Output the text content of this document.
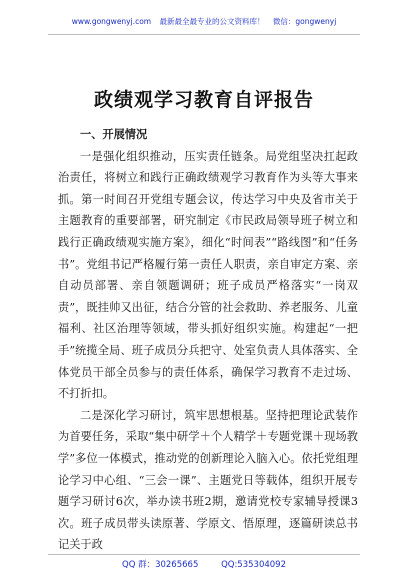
www.gongwenyj.com 最新最全最专业的公文资料库！ 微信：gongwenyj
政绩观学习教育自评报告
一、开展情况

一是强化组织推动，压实责任链条。局党组坚决扛起政治责任，将树立和践行正确政绩观学习教育作为头等大事来抓。第一时间召开党组专题会议，传达学习中央及省市关于主题教育的重要部署，研究制定《市民政局领导班子树立和践行正确政绩观实施方案》，细化“时间表”“路线图”和“任务书”。党组书记严格履行第一责任人职责，亲自审定方案、亲自动员部署、亲自领题调研；班子成员严格落实“一岗双责”，既挂帅又出征，结合分管的社会救助、养老服务、儿童福利、社区治理等领域，带头抓好组织实施。构建起“一把手”统揽全局、班子成员分兵把守、处室负责人具体落实、全体党员干部全员参与的责任体系，确保学习教育不走过场、不打折扣。

二是深化学习研讨，筑牢思想根基。坚持把理论武装作为首要任务，采取“集中研学＋个人精学＋专题党课＋现场教学”多位一体模式，推动党的创新理论入脑入心。依托党组理论学习中心组、“三会一课”、主题党日等载体，组织开展专题学习研讨6次，举办读书班2期，邀请党校专家辅导授课3次。班子成员带头读原著、学原文、悟原理，逐篇研读总书记关于政

QQ 群：30265665	QQ:535304092
